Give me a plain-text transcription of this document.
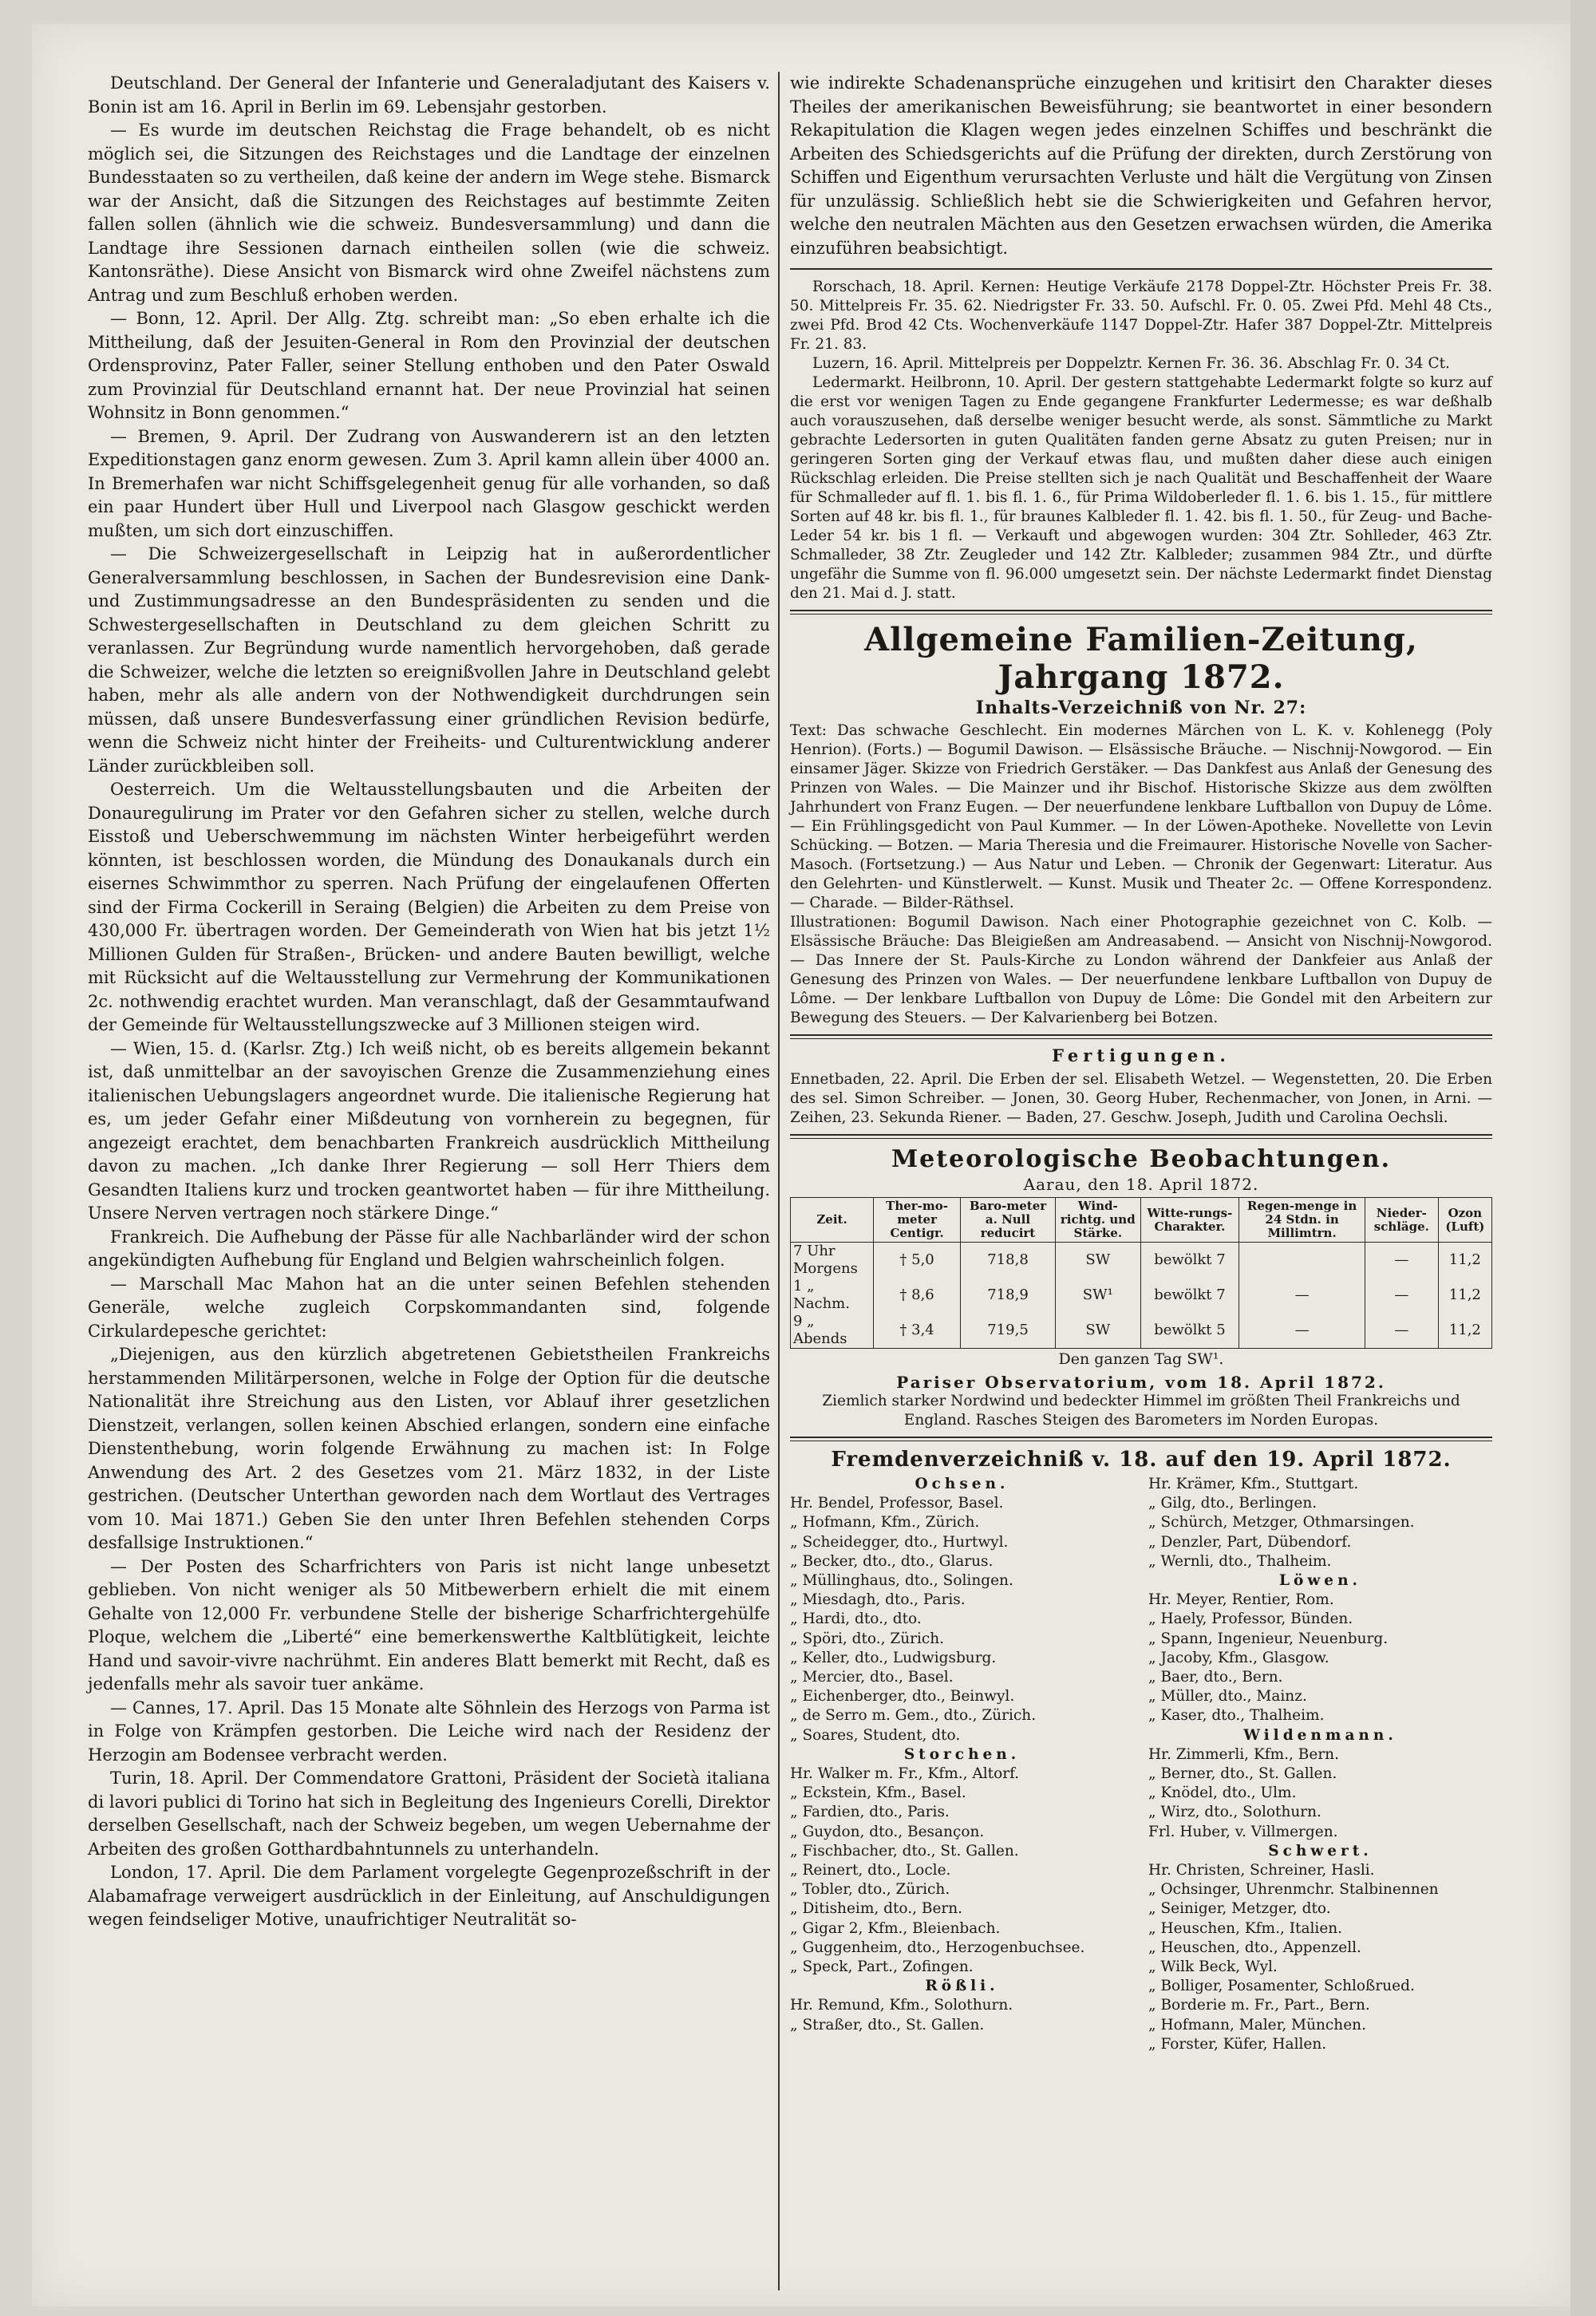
Deutschland. Der General der Infanterie und Generaladjutant des Kaisers v. Bonin ist am 16. April in Berlin im 69. Lebensjahr gestorben.

— Es wurde im deutschen Reichstag die Frage behandelt, ob es nicht möglich sei, die Sitzungen des Reichstages und die Landtage der einzelnen Bundesstaaten so zu vertheilen, daß keine der andern im Wege stehe. Bismarck war der Ansicht, daß die Sitzungen des Reichstages auf bestimmte Zeiten fallen sollen (ähnlich wie die schweiz. Bundesversammlung) und dann die Landtage ihre Sessionen darnach eintheilen sollen (wie die schweiz. Kantonsräthe). Diese Ansicht von Bismarck wird ohne Zweifel nächstens zum Antrag und zum Beschluß erhoben werden.

— Bonn, 12. April. Der Allg. Ztg. schreibt man: „So eben erhalte ich die Mittheilung, daß der Jesuiten-General in Rom den Provinzial der deutschen Ordensprovinz, Pater Faller, seiner Stellung enthoben und den Pater Oswald zum Provinzial für Deutschland ernannt hat. Der neue Provinzial hat seinen Wohnsitz in Bonn genommen.“

— Bremen, 9. April. Der Zudrang von Auswanderern ist an den letzten Expeditionstagen ganz enorm gewesen. Zum 3. April kamn allein über 4000 an. In Bremerhafen war nicht Schiffsgelegenheit genug für alle vorhanden, so daß ein paar Hundert über Hull und Liverpool nach Glasgow geschickt werden mußten, um sich dort einzuschiffen.

— Die Schweizergesellschaft in Leipzig hat in außerordentlicher Generalversammlung beschlossen, in Sachen der Bundesrevision eine Dank- und Zustimmungsadresse an den Bundespräsidenten zu senden und die Schwestergesellschaften in Deutschland zu dem gleichen Schritt zu veranlassen. Zur Begründung wurde namentlich hervorgehoben, daß gerade die Schweizer, welche die letzten so ereignißvollen Jahre in Deutschland gelebt haben, mehr als alle andern von der Nothwendigkeit durchdrungen sein müssen, daß unsere Bundesverfassung einer gründlichen Revision bedürfe, wenn die Schweiz nicht hinter der Freiheits- und Culturentwicklung anderer Länder zurückbleiben soll.

Oesterreich. Um die Weltausstellungsbauten und die Arbeiten der Donauregulirung im Prater vor den Gefahren sicher zu stellen, welche durch Eisstoß und Ueberschwemmung im nächsten Winter herbeigeführt werden könnten, ist beschlossen worden, die Mündung des Donaukanals durch ein eisernes Schwimmthor zu sperren. Nach Prüfung der eingelaufenen Offerten sind der Firma Cockerill in Seraing (Belgien) die Arbeiten zu dem Preise von 430,000 Fr. übertragen worden. Der Gemeinderath von Wien hat bis jetzt 1½ Millionen Gulden für Straßen-, Brücken- und andere Bauten bewilligt, welche mit Rücksicht auf die Weltausstellung zur Vermehrung der Kommunikationen 2c. nothwendig erachtet wurden. Man veranschlagt, daß der Gesammtaufwand der Gemeinde für Weltausstellungszwecke auf 3 Millionen steigen wird.

— Wien, 15. d. (Karlsr. Ztg.) Ich weiß nicht, ob es bereits allgemein bekannt ist, daß unmittelbar an der savoyischen Grenze die Zusammenziehung eines italienischen Uebungslagers angeordnet wurde. Die italienische Regierung hat es, um jeder Gefahr einer Mißdeutung von vornherein zu begegnen, für angezeigt erachtet, dem benachbarten Frankreich ausdrücklich Mittheilung davon zu machen. „Ich danke Ihrer Regierung — soll Herr Thiers dem Gesandten Italiens kurz und trocken geantwortet haben — für ihre Mittheilung. Unsere Nerven vertragen noch stärkere Dinge.“

Frankreich. Die Aufhebung der Pässe für alle Nachbarländer wird der schon angekündigten Aufhebung für England und Belgien wahrscheinlich folgen.

— Marschall Mac Mahon hat an die unter seinen Befehlen stehenden Generäle, welche zugleich Corpskommandanten sind, folgende Cirkulardepesche gerichtet:

„Diejenigen, aus den kürzlich abgetretenen Gebietstheilen Frankreichs herstammenden Militärpersonen, welche in Folge der Option für die deutsche Nationalität ihre Streichung aus den Listen, vor Ablauf ihrer gesetzlichen Dienstzeit, verlangen, sollen keinen Abschied erlangen, sondern eine einfache Dienstenthebung, worin folgende Erwähnung zu machen ist: In Folge Anwendung des Art. 2 des Gesetzes vom 21. März 1832, in der Liste gestrichen. (Deutscher Unterthan geworden nach dem Wortlaut des Vertrages vom 10. Mai 1871.) Geben Sie den unter Ihren Befehlen stehenden Corps desfallsige Instruktionen.“

— Der Posten des Scharfrichters von Paris ist nicht lange unbesetzt geblieben. Von nicht weniger als 50 Mitbewerbern erhielt die mit einem Gehalte von 12,000 Fr. verbundene Stelle der bisherige Scharfrichtergehülfe Ploque, welchem die „Liberté“ eine bemerkenswerthe Kaltblütigkeit, leichte Hand und savoir-vivre nachrühmt. Ein anderes Blatt bemerkt mit Recht, daß es jedenfalls mehr als savoir tuer ankäme.

— Cannes, 17. April. Das 15 Monate alte Söhnlein des Herzogs von Parma ist in Folge von Krämpfen gestorben. Die Leiche wird nach der Residenz der Herzogin am Bodensee verbracht werden.

Turin, 18. April. Der Commendatore Grattoni, Präsident der Società italiana di lavori publici di Torino hat sich in Begleitung des Ingenieurs Corelli, Direktor derselben Gesellschaft, nach der Schweiz begeben, um wegen Uebernahme der Arbeiten des großen Gotthardbahntunnels zu unterhandeln.

London, 17. April. Die dem Parlament vorgelegte Gegenprozeßschrift in der Alabamafrage verweigert ausdrücklich in der Einleitung, auf Anschuldigungen wegen feindseliger Motive, unaufrichtiger Neutralität so-

wie indirekte Schadenansprüche einzugehen und kritisirt den Charakter dieses Theiles der amerikanischen Beweisführung; sie beantwortet in einer besondern Rekapitulation die Klagen wegen jedes einzelnen Schiffes und beschränkt die Arbeiten des Schiedsgerichts auf die Prüfung der direkten, durch Zerstörung von Schiffen und Eigenthum verursachten Verluste und hält die Vergütung von Zinsen für unzulässig. Schließlich hebt sie die Schwierigkeiten und Gefahren hervor, welche den neutralen Mächten aus den Gesetzen erwachsen würden, die Amerika einzuführen beabsichtigt.

Rorschach, 18. April. Kernen: Heutige Verkäufe 2178 Doppel-Ztr. Höchster Preis Fr. 38. 50. Mittelpreis Fr. 35. 62. Niedrigster Fr. 33. 50. Aufschl. Fr. 0. 05. Zwei Pfd. Mehl 48 Cts., zwei Pfd. Brod 42 Cts. Wochenverkäufe 1147 Doppel-Ztr. Hafer 387 Doppel-Ztr. Mittelpreis Fr. 21. 83.

Luzern, 16. April. Mittelpreis per Doppelztr. Kernen Fr. 36. 36. Abschlag Fr. 0. 34 Ct.

Ledermarkt. Heilbronn, 10. April. Der gestern stattgehabte Ledermarkt folgte so kurz auf die erst vor wenigen Tagen zu Ende gegangene Frankfurter Ledermesse; es war deßhalb auch vorauszusehen, daß derselbe weniger besucht werde, als sonst. Sämmtliche zu Markt gebrachte Ledersorten in guten Qualitäten fanden gerne Absatz zu guten Preisen; nur in geringeren Sorten ging der Verkauf etwas flau, und mußten daher diese auch einigen Rückschlag erleiden. Die Preise stellten sich je nach Qualität und Beschaffenheit der Waare für Schmalleder auf fl. 1. bis fl. 1. 6., für Prima Wildoberleder fl. 1. 6. bis 1. 15., für mittlere Sorten auf 48 kr. bis fl. 1., für braunes Kalbleder fl. 1. 42. bis fl. 1. 50., für Zeug- und Bache-Leder 54 kr. bis 1 fl. — Verkauft und abgewogen wurden: 304 Ztr. Sohlleder, 463 Ztr. Schmalleder, 38 Ztr. Zeugleder und 142 Ztr. Kalbleder; zusammen 984 Ztr., und dürfte ungefähr die Summe von fl. 96.000 umgesetzt sein. Der nächste Ledermarkt findet Dienstag den 21. Mai d. J. statt.

Allgemeine Familien-Zeitung, Jahrgang 1872.
Inhalts-Verzeichniß von Nr. 27:

Text: Das schwache Geschlecht. Ein modernes Märchen von L. K. v. Kohlenegg (Poly Henrion). (Forts.) — Bogumil Dawison. — Elsässische Bräuche. — Nischnij-Nowgorod. — Ein einsamer Jäger. Skizze von Friedrich Gerstäker. — Das Dankfest aus Anlaß der Genesung des Prinzen von Wales. — Die Mainzer und ihr Bischof. Historische Skizze aus dem zwölften Jahrhundert von Franz Eugen. — Der neuerfundene lenkbare Luftballon von Dupuy de Lôme. — Ein Frühlingsgedicht von Paul Kummer. — In der Löwen-Apotheke. Novellette von Levin Schücking. — Botzen. — Maria Theresia und die Freimaurer. Historische Novelle von Sacher-Masoch. (Fortsetzung.) — Aus Natur und Leben. — Chronik der Gegenwart: Literatur. Aus den Gelehrten- und Künstlerwelt. — Kunst. Musik und Theater 2c. — Offene Korrespondenz. — Charade. — Bilder-Räthsel.

Illustrationen: Bogumil Dawison. Nach einer Photographie gezeichnet von C. Kolb. — Elsässische Bräuche: Das Bleigießen am Andreasabend. — Ansicht von Nischnij-Nowgorod. — Das Innere der St. Pauls-Kirche zu London während der Dankfeier aus Anlaß der Genesung des Prinzen von Wales. — Der neuerfundene lenkbare Luftballon von Dupuy de Lôme. — Der lenkbare Luftballon von Dupuy de Lôme: Die Gondel mit den Arbeitern zur Bewegung des Steuers. — Der Kalvarienberg bei Botzen.

Fertigungen.

Ennetbaden, 22. April. Die Erben der sel. Elisabeth Wetzel. — Wegenstetten, 20. Die Erben des sel. Simon Schreiber. — Jonen, 30. Georg Huber, Rechenmacher, von Jonen, in Arni. — Zeihen, 23. Sekunda Riener. — Baden, 27. Geschw. Joseph, Judith und Carolina Oechsli.

Meteorologische Beobachtungen.
Aarau, den 18. April 1872.
Zeit.	Ther-mo-meter Centigr.	Baro-meter a. Null reducirt	Wind-richtg. und Stärke.	Witte-rungs-Charakter.	Regen-menge in 24 Stdn. in Millimtrn.	Nieder-schläge.	Ozon (Luft)
7 Uhr Morgens	† 5,0	718,8	SW	bewölkt 7		—	11,2
1 „ Nachm.	† 8,6	718,9	SW¹	bewölkt 7	—	—	11,2
9 „ Abends	† 3,4	719,5	SW	bewölkt 5	—	—	11,2
Den ganzen Tag SW¹.
Pariser Observatorium, vom 18. April 1872.

Ziemlich starker Nordwind und bedeckter Himmel im größten Theil Frankreichs und England. Rasches Steigen des Barometers im Norden Europas.

Fremdenverzeichniß v. 18. auf den 19. April 1872.
Ochsen.
Hr. Bendel, Professor, Basel.
„ Hofmann, Kfm., Zürich.
„ Scheidegger, dto., Hurtwyl.
„ Becker, dto., dto., Glarus.
„ Müllinghaus, dto., Solingen.
„ Miesdagh, dto., Paris.
„ Hardi, dto., dto.
„ Spöri, dto., Zürich.
„ Keller, dto., Ludwigsburg.
„ Mercier, dto., Basel.
„ Eichenberger, dto., Beinwyl.
„ de Serro m. Gem., dto., Zürich.
„ Soares, Student, dto.
Storchen.
Hr. Walker m. Fr., Kfm., Altorf.
„ Eckstein, Kfm., Basel.
„ Fardien, dto., Paris.
„ Guydon, dto., Besançon.
„ Fischbacher, dto., St. Gallen.
„ Reinert, dto., Locle.
„ Tobler, dto., Zürich.
„ Ditisheim, dto., Bern.
„ Gigar 2, Kfm., Bleienbach.
„ Guggenheim, dto., Herzogenbuchsee.
„ Speck, Part., Zofingen.
Rößli.
Hr. Remund, Kfm., Solothurn.
„ Straßer, dto., St. Gallen.
Hr. Krämer, Kfm., Stuttgart.
„ Gilg, dto., Berlingen.
„ Schürch, Metzger, Othmarsingen.
„ Denzler, Part, Dübendorf.
„ Wernli, dto., Thalheim.
Löwen.
Hr. Meyer, Rentier, Rom.
„ Haely, Professor, Bünden.
„ Spann, Ingenieur, Neuenburg.
„ Jacoby, Kfm., Glasgow.
„ Baer, dto., Bern.
„ Müller, dto., Mainz.
„ Kaser, dto., Thalheim.
Wildenmann.
Hr. Zimmerli, Kfm., Bern.
„ Berner, dto., St. Gallen.
„ Knödel, dto., Ulm.
„ Wirz, dto., Solothurn.
Frl. Huber, v. Villmergen.
Schwert.
Hr. Christen, Schreiner, Hasli.
„ Ochsinger, Uhrenmchr. Stalbinennen
„ Seiniger, Metzger, dto.
„ Heuschen, Kfm., Italien.
„ Heuschen, dto., Appenzell.
„ Wilk Beck, Wyl.
„ Bolliger, Posamenter, Schloßrued.
„ Borderie m. Fr., Part., Bern.
„ Hofmann, Maler, München.
„ Forster, Küfer, Hallen.
